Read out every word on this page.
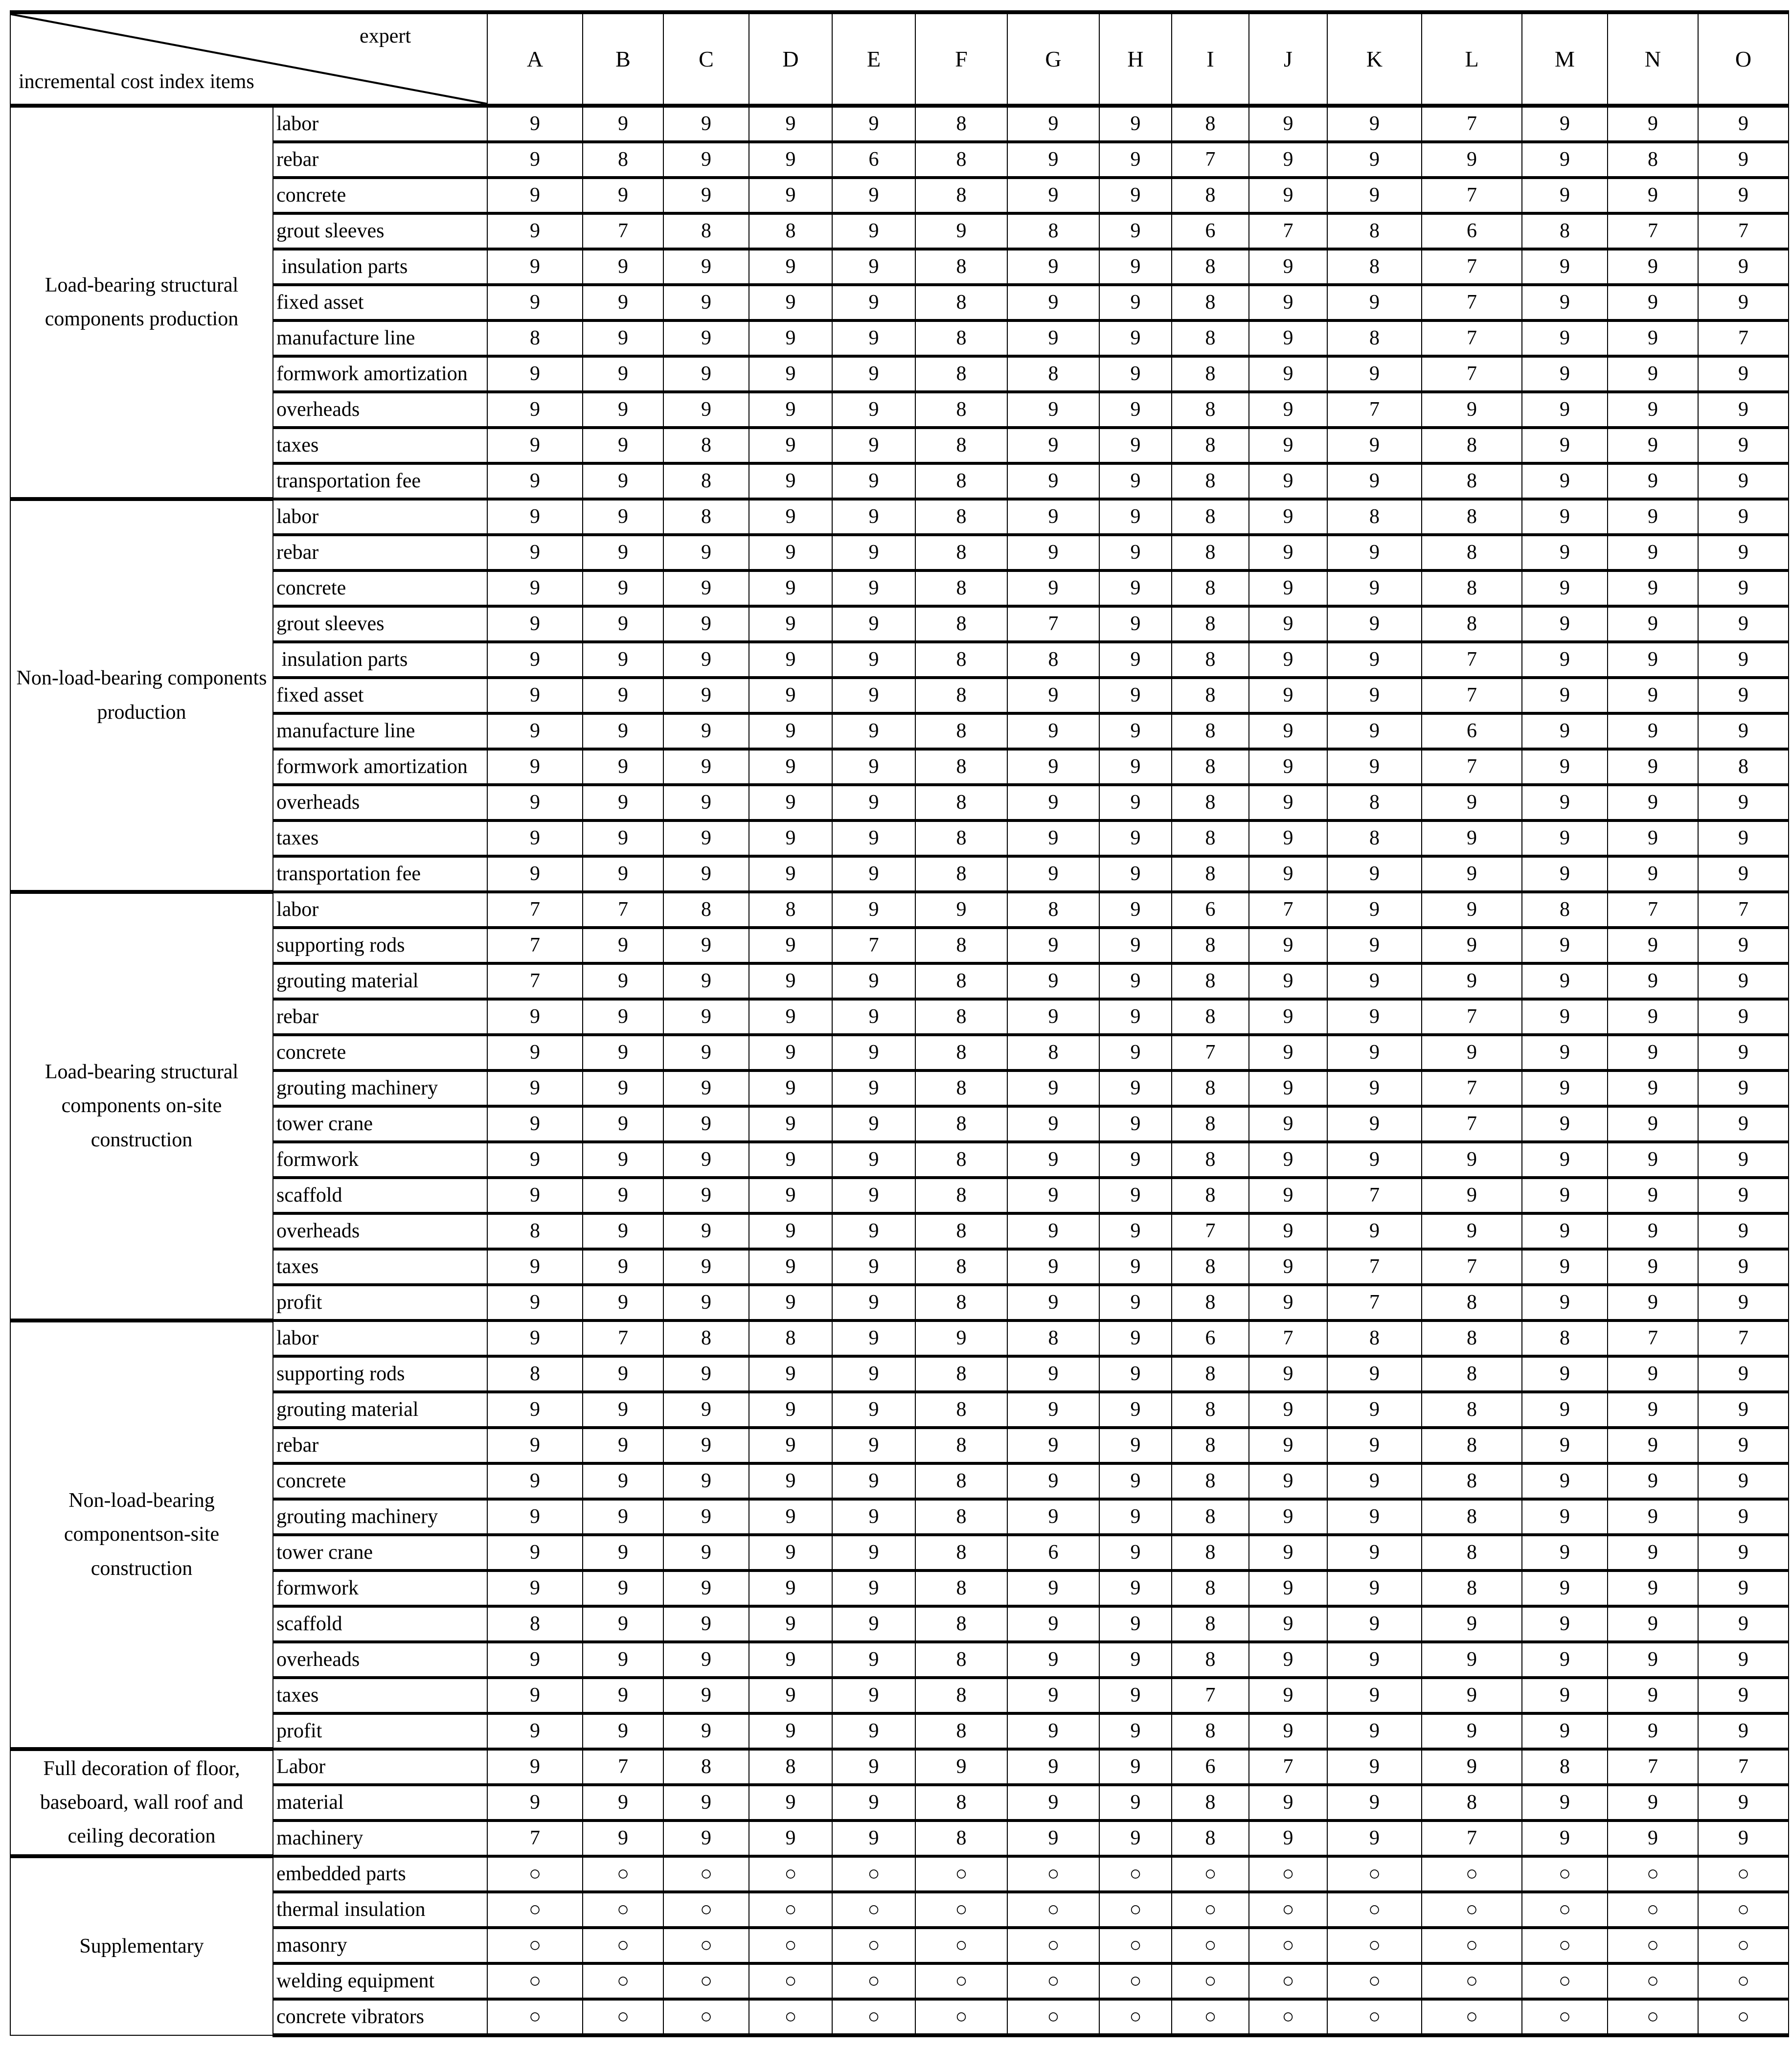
expert
incremental cost index items		A	B	C	D	E	F	G	H	I	J	K	L	M	N	O
Load-bearing structural components production	labor	9	9	9	9	9	8	9	9	8	9	9	7	9	9	9
	rebar	9	8	9	9	6	8	9	9	7	9	9	9	9	8	9
	concrete	9	9	9	9	9	8	9	9	8	9	9	7	9	9	9
	grout sleeves	9	7	8	8	9	9	8	9	6	7	8	6	8	7	7
	insulation parts	9	9	9	9	9	8	9	9	8	9	8	7	9	9	9
	fixed asset	9	9	9	9	9	8	9	9	8	9	9	7	9	9	9
	manufacture line	8	9	9	9	9	8	9	9	8	9	8	7	9	9	7
	formwork amortization	9	9	9	9	9	8	8	9	8	9	9	7	9	9	9
	overheads	9	9	9	9	9	8	9	9	8	9	7	9	9	9	9
	taxes	9	9	8	9	9	8	9	9	8	9	9	8	9	9	9
	transportation fee	9	9	8	9	9	8	9	9	8	9	9	8	9	9	9
Non-load-bearing components production	labor	9	9	8	9	9	8	9	9	8	9	8	8	9	9	9
	rebar	9	9	9	9	9	8	9	9	8	9	9	8	9	9	9
	concrete	9	9	9	9	9	8	9	9	8	9	9	8	9	9	9
	grout sleeves	9	9	9	9	9	8	7	9	8	9	9	8	9	9	9
	insulation parts	9	9	9	9	9	8	8	9	8	9	9	7	9	9	9
	fixed asset	9	9	9	9	9	8	9	9	8	9	9	7	9	9	9
	manufacture line	9	9	9	9	9	8	9	9	8	9	9	6	9	9	9
	formwork amortization	9	9	9	9	9	8	9	9	8	9	9	7	9	9	8
	overheads	9	9	9	9	9	8	9	9	8	9	8	9	9	9	9
	taxes	9	9	9	9	9	8	9	9	8	9	8	9	9	9	9
	transportation fee	9	9	9	9	9	8	9	9	8	9	9	9	9	9	9
Load-bearing structural components on-site construction	labor	7	7	8	8	9	9	8	9	6	7	9	9	8	7	7
	supporting rods	7	9	9	9	7	8	9	9	8	9	9	9	9	9	9
	grouting material	7	9	9	9	9	8	9	9	8	9	9	9	9	9	9
	rebar	9	9	9	9	9	8	9	9	8	9	9	7	9	9	9
	concrete	9	9	9	9	9	8	8	9	7	9	9	9	9	9	9
	grouting machinery	9	9	9	9	9	8	9	9	8	9	9	7	9	9	9
	tower crane	9	9	9	9	9	8	9	9	8	9	9	7	9	9	9
	formwork	9	9	9	9	9	8	9	9	8	9	9	9	9	9	9
	scaffold	9	9	9	9	9	8	9	9	8	9	7	9	9	9	9
	overheads	8	9	9	9	9	8	9	9	7	9	9	9	9	9	9
	taxes	9	9	9	9	9	8	9	9	8	9	7	7	9	9	9
	profit	9	9	9	9	9	8	9	9	8	9	7	8	9	9	9
Non-load-bearing componentson-site construction	labor	9	7	8	8	9	9	8	9	6	7	8	8	8	7	7
	supporting rods	8	9	9	9	9	8	9	9	8	9	9	8	9	9	9
	grouting material	9	9	9	9	9	8	9	9	8	9	9	8	9	9	9
	rebar	9	9	9	9	9	8	9	9	8	9	9	8	9	9	9
	concrete	9	9	9	9	9	8	9	9	8	9	9	8	9	9	9
	grouting machinery	9	9	9	9	9	8	9	9	8	9	9	8	9	9	9
	tower crane	9	9	9	9	9	8	6	9	8	9	9	8	9	9	9
	formwork	9	9	9	9	9	8	9	9	8	9	9	8	9	9	9
	scaffold	8	9	9	9	9	8	9	9	8	9	9	9	9	9	9
	overheads	9	9	9	9	9	8	9	9	8	9	9	9	9	9	9
	taxes	9	9	9	9	9	8	9	9	7	9	9	9	9	9	9
	profit	9	9	9	9	9	8	9	9	8	9	9	9	9	9	9
Full decoration of floor, baseboard, wall roof and ceiling decoration	Labor	9	7	8	8	9	9	9	9	6	7	9	9	8	7	7
	material	9	9	9	9	9	8	9	9	8	9	9	8	9	9	9
	machinery	7	9	9	9	9	8	9	9	8	9	9	7	9	9	9
Supplementary	embedded parts	○	○	○	○	○	○	○	○	○	○	○	○	○	○	○
	thermal insulation	○	○	○	○	○	○	○	○	○	○	○	○	○	○	○
	masonry	○	○	○	○	○	○	○	○	○	○	○	○	○	○	○
	welding equipment	○	○	○	○	○	○	○	○	○	○	○	○	○	○	○
	concrete vibrators	○	○	○	○	○	○	○	○	○	○	○	○	○	○	○
